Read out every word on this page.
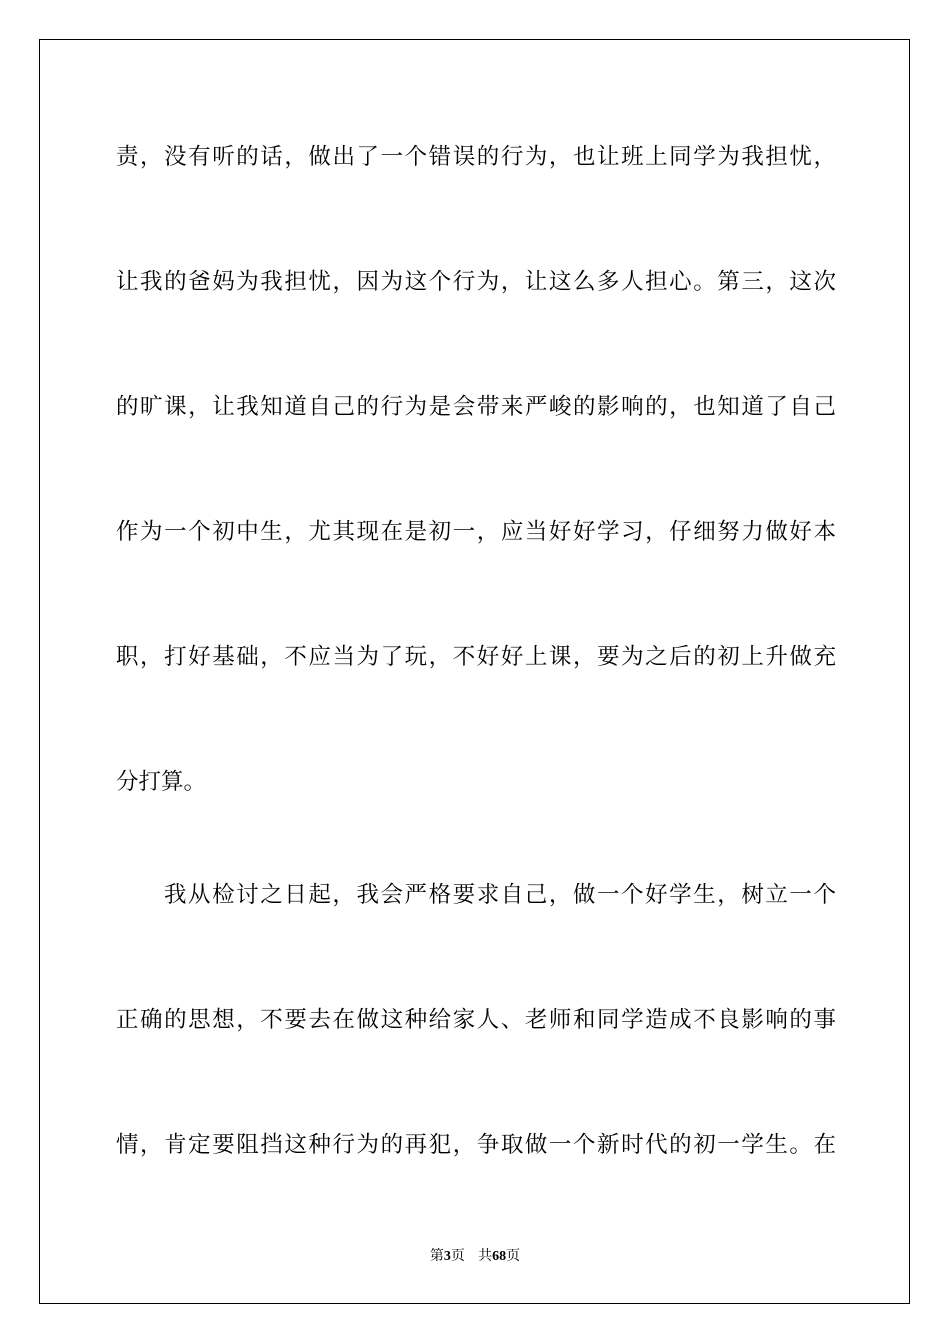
责，没有听的话，做出了一个错误的行为，也让班上同学为我担忧，
让我的爸妈为我担忧，因为这个行为，让这么多人担心。第三，这次
的旷课，让我知道自己的行为是会带来严峻的影响的，也知道了自己
作为一个初中生，尤其现在是初一，应当好好学习，仔细努力做好本
职，打好基础，不应当为了玩，不好好上课，要为之后的初上升做充
分打算。
我从检讨之日起，我会严格要求自己，做一个好学生，树立一个
正确的思想，不要去在做这种给家人、老师和同学造成不良影响的事
情，肯定要阻挡这种行为的再犯，争取做一个新时代的初一学生。在
第3页 共68页
